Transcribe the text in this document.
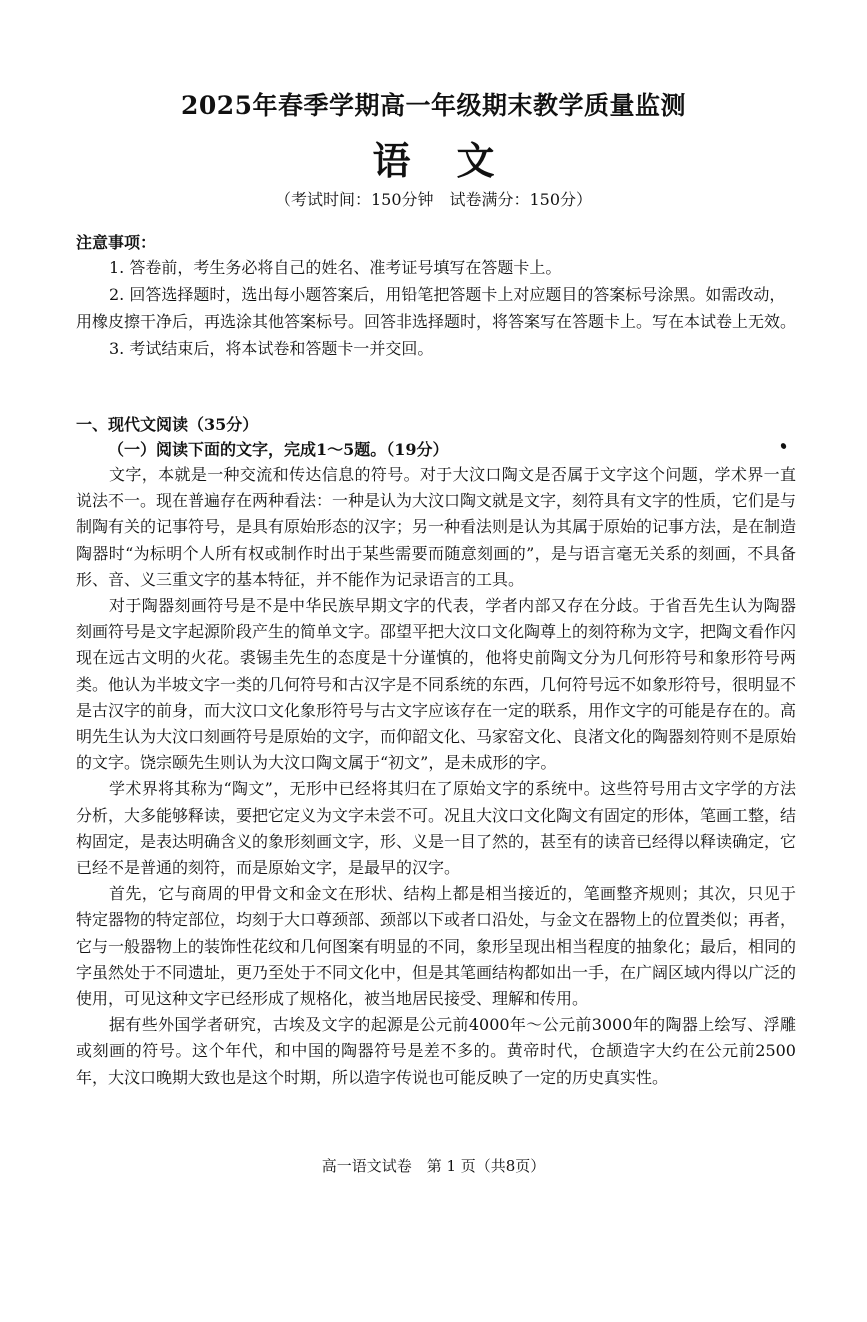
2025年春季学期高一年级期末教学质量监测
语文
（考试时间：150分钟　试卷满分：150分）
注意事项：

1. 答卷前，考生务必将自己的姓名、准考证号填写在答题卡上。

2. 回答选择题时，选出每小题答案后，用铅笔把答题卡上对应题目的答案标号涂黑。如需改动，用橡皮擦干净后，再选涂其他答案标号。回答非选择题时，将答案写在答题卡上。写在本试卷上无效。

3. 考试结束后，将本试卷和答题卡一并交回。

一、现代文阅读（35分）
（一）阅读下面的文字，完成1～5题。（19分）

文字，本就是一种交流和传达信息的符号。对于大汶口陶文是否属于文字这个问题，学术界一直说法不一。现在普遍存在两种看法：一种是认为大汶口陶文就是文字，刻符具有文字的性质，它们是与制陶有关的记事符号，是具有原始形态的汉字；另一种看法则是认为其属于原始的记事方法，是在制造陶器时“为标明个人所有权或制作时出于某些需要而随意刻画的”，是与语言毫无关系的刻画，不具备形、音、义三重文字的基本特征，并不能作为记录语言的工具。

对于陶器刻画符号是不是中华民族早期文字的代表，学者内部又存在分歧。于省吾先生认为陶器刻画符号是文字起源阶段产生的简单文字。邵望平把大汶口文化陶尊上的刻符称为文字，把陶文看作闪现在远古文明的火花。裘锡圭先生的态度是十分谨慎的，他将史前陶文分为几何形符号和象形符号两类。他认为半坡文字一类的几何符号和古汉字是不同系统的东西，几何符号远不如象形符号，很明显不是古汉字的前身，而大汶口文化象形符号与古文字应该存在一定的联系，用作文字的可能是存在的。高明先生认为大汶口刻画符号是原始的文字，而仰韶文化、马家窑文化、良渚文化的陶器刻符则不是原始的文字。饶宗颐先生则认为大汶口陶文属于“初文”，是未成形的字。

学术界将其称为“陶文”，无形中已经将其归在了原始文字的系统中。这些符号用古文字学的方法分析，大多能够释读，要把它定义为文字未尝不可。况且大汶口文化陶文有固定的形体，笔画工整，结构固定，是表达明确含义的象形刻画文字，形、义是一目了然的，甚至有的读音已经得以释读确定，它已经不是普通的刻符，而是原始文字，是最早的汉字。

首先，它与商周的甲骨文和金文在形状、结构上都是相当接近的，笔画整齐规则；其次，只见于特定器物的特定部位，均刻于大口尊颈部、颈部以下或者口沿处，与金文在器物上的位置类似；再者，它与一般器物上的装饰性花纹和几何图案有明显的不同，象形呈现出相当程度的抽象化；最后，相同的字虽然处于不同遗址，更乃至处于不同文化中，但是其笔画结构都如出一手，在广阔区域内得以广泛的使用，可见这种文字已经形成了规格化，被当地居民接受、理解和传用。

据有些外国学者研究，古埃及文字的起源是公元前4000年～公元前3000年的陶器上绘写、浮雕或刻画的符号。这个年代，和中国的陶器符号是差不多的。黄帝时代，仓颉造字大约在公元前2500年，大汶口晚期大致也是这个时期，所以造字传说也可能反映了一定的历史真实性。

高一语文试卷　第 1 页（共8页）
